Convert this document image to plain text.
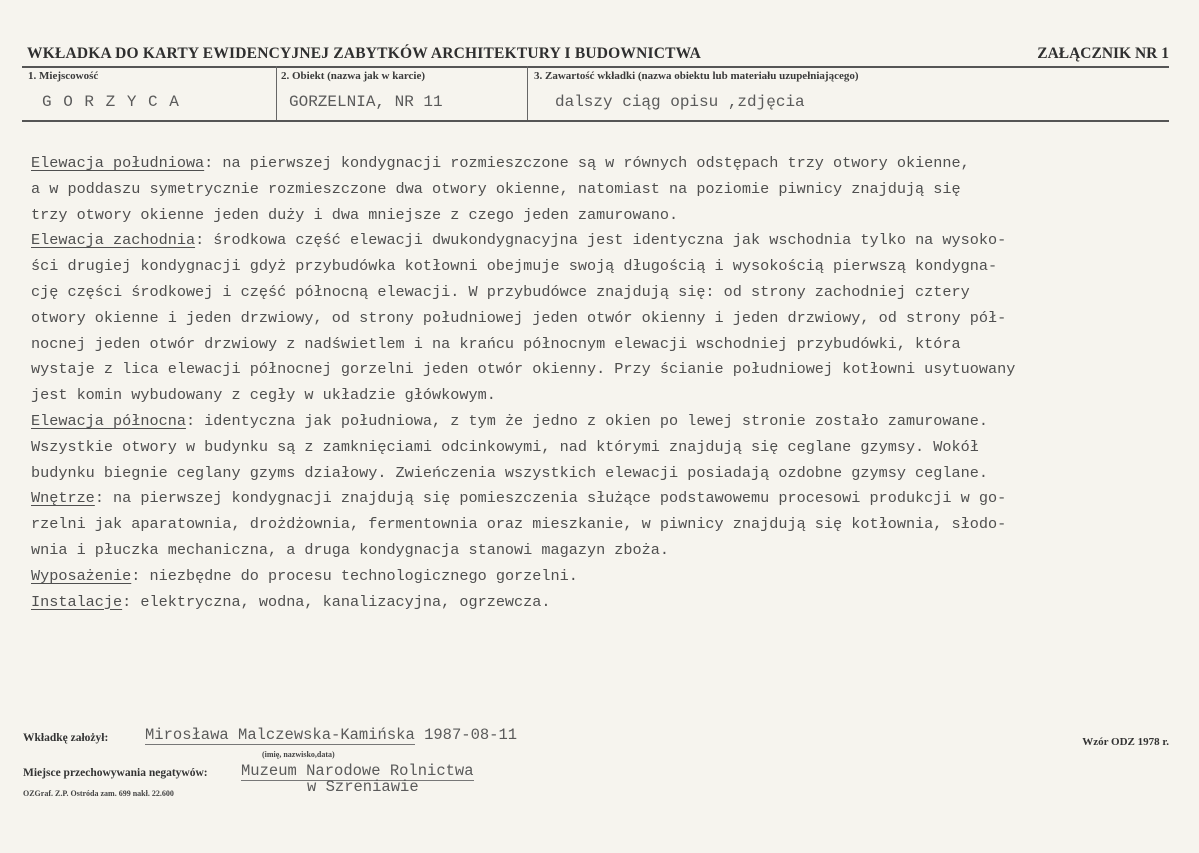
WKŁADKA DO KARTY EWIDENCYJNEJ ZABYTKÓW ARCHITEKTURY I BUDOWNICTWA	ZAŁĄCZNIK NR 1
1. Miejscowość
G O R Z Y C A
2. Obiekt (nazwa jak w karcie)
GORZELNIA, NR 11
3. Zawartość wkładki (nazwa obiektu lub materiału uzupełniającego)
dalszy ciąg opisu ,zdjęcia
Elewacja południowa: na pierwszej kondygnacji rozmieszczone są w równych odstępach trzy otwory okienne,
a w poddaszu symetrycznie rozmieszczone dwa otwory okienne, natomiast na poziomie piwnicy znajdują się
trzy otwory okienne jeden duży i dwa mniejsze z czego jeden zamurowano.
Elewacja zachodnia: środkowa część elewacji dwukondygnacyjna jest identyczna jak wschodnia tylko na wysoko-
ści drugiej kondygnacji gdyż przybudówka kotłowni obejmuje swoją długością i wysokością pierwszą kondygna-
cję części środkowej i część północną elewacji. W przybudówce znajdują się: od strony zachodniej cztery
otwory okienne i jeden drzwiowy, od strony południowej jeden otwór okienny i jeden drzwiowy, od strony pół-
nocnej jeden otwór drzwiowy z nadświetlem i na krańcu północnym elewacji wschodniej przybudówki, która
wystaje z lica elewacji północnej gorzelni jeden otwór okienny. Przy ścianie południowej kotłowni usytuowany
jest komin wybudowany z cegły w układzie główkowym.
Elewacja północna: identyczna jak południowa, z tym że jedno z okien po lewej stronie zostało zamurowane.
Wszystkie otwory w budynku są z zamknięciami odcinkowymi, nad którymi znajdują się ceglane gzymsy. Wokół
budynku biegnie ceglany gzyms działowy. Zwieńczenia wszystkich elewacji posiadają ozdobne gzymsy ceglane.
Wnętrze: na pierwszej kondygnacji znajdują się pomieszczenia służące podstawowemu procesowi produkcji w go-
rzelni jak aparatownia, drożdżownia, fermentownia oraz mieszkanie, w piwnicy znajdują się kotłownia, słodo-
wnia i płuczka mechaniczna, a druga kondygnacja stanowi magazyn zboża.
Wyposażenie: niezbędne do procesu technologicznego gorzelni.
Instalacje: elektryczna, wodna, kanalizacyjna, ogrzewcza.
Wkładkę założył: Mirosława Malczewska-Kamińska 1987-08-11
(imię, nazwisko,data)
Wzór ODZ 1978 r.
Miejsce przechowywania negatywów: Muzeum Narodowe Rolnictwa
w Szreniawie
OZGraf. Z.P. Ostróda zam. 699 nakł. 22.600
